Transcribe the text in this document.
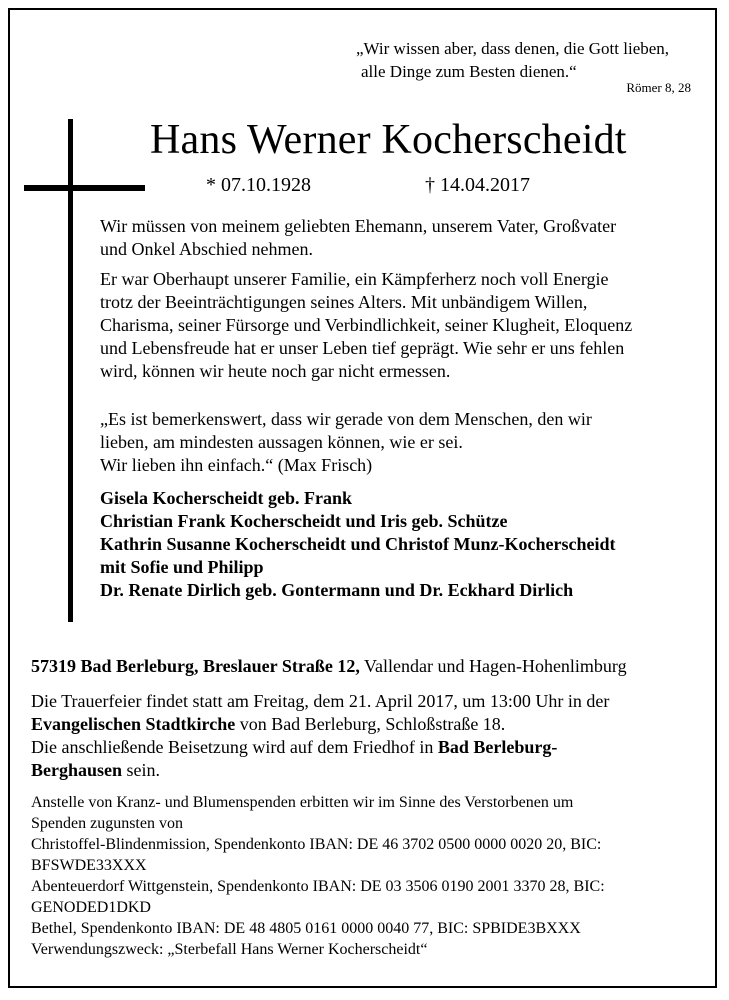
„Wir wissen aber, dass denen, die Gott lieben,
alle Dinge zum Besten dienen.“
Römer 8, 28
Hans Werner Kocherscheidt
* 07.10.1928	† 14.04.2017
Wir müssen von meinem geliebten Ehemann, unserem Vater, Großvater
und Onkel Abschied nehmen.
Er war Oberhaupt unserer Familie, ein Kämpferherz noch voll Energie
trotz der Beeinträchtigungen seines Alters. Mit unbändigem Willen,
Charisma, seiner Fürsorge und Verbindlichkeit, seiner Klugheit, Eloquenz
und Lebensfreude hat er unser Leben tief geprägt. Wie sehr er uns fehlen
wird, können wir heute noch gar nicht ermessen.
„Es ist bemerkenswert, dass wir gerade von dem Menschen, den wir
lieben, am mindesten aussagen können, wie er sei.
Wir lieben ihn einfach.“ (Max Frisch)
Gisela Kocherscheidt geb. Frank
Christian Frank Kocherscheidt und Iris geb. Schütze
Kathrin Susanne Kocherscheidt und Christof Munz-Kocherscheidt
mit Sofie und Philipp
Dr. Renate Dirlich geb. Gontermann und Dr. Eckhard Dirlich
57319 Bad Berleburg, Breslauer Straße 12, Vallendar und Hagen-Hohenlimburg
Die Trauerfeier findet statt am Freitag, dem 21. April 2017, um 13:00 Uhr in der
Evangelischen Stadtkirche von Bad Berleburg, Schloßstraße 18.
Die anschließende Beisetzung wird auf dem Friedhof in Bad Berleburg-
Berghausen sein.
Anstelle von Kranz- und Blumenspenden erbitten wir im Sinne des Verstorbenen um
Spenden zugunsten von
Christoffel-Blindenmission, Spendenkonto IBAN: DE 46 3702 0500 0000 0020 20, BIC:
BFSWDE33XXX
Abenteuerdorf Wittgenstein, Spendenkonto IBAN: DE 03 3506 0190 2001 3370 28, BIC:
GENODED1DKD
Bethel, Spendenkonto IBAN: DE 48 4805 0161 0000 0040 77, BIC: SPBIDE3BXXX
Verwendungszweck: „Sterbefall Hans Werner Kocherscheidt“
